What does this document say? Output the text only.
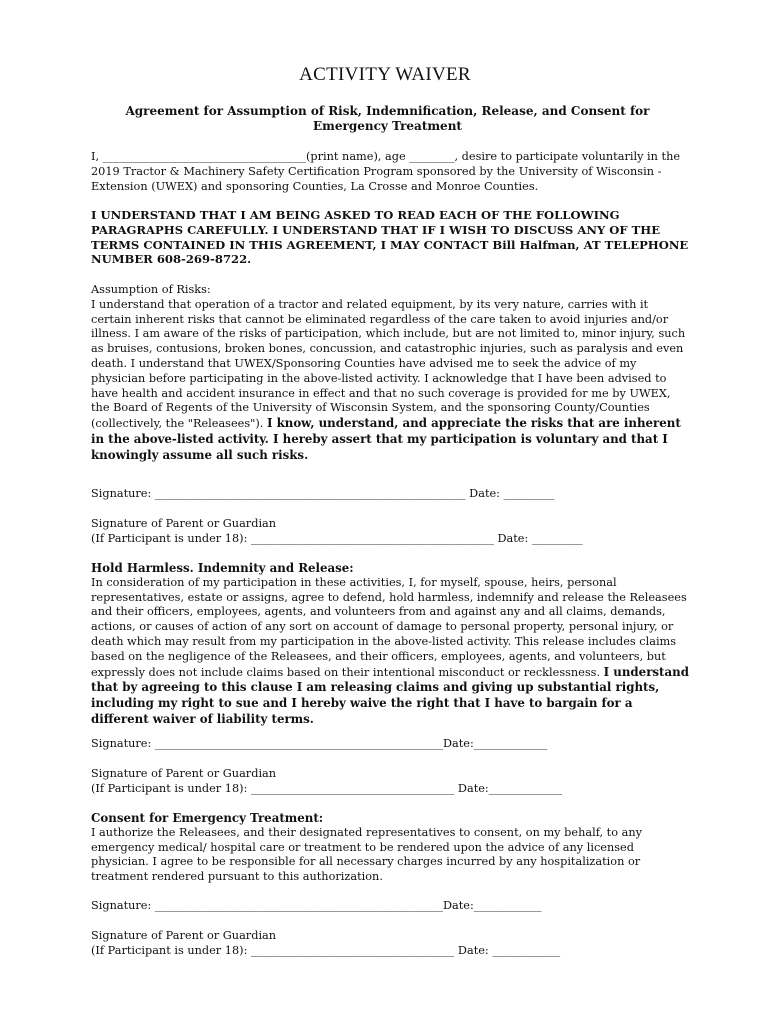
ACTIVITY WAIVER
Agreement for Assumption of Risk, Indemnification, Release, and Consent for Emergency Treatment
I, ____________________________________(print name), age ________, desire to participate voluntarily in the 2019 Tractor & Machinery Safety Certification Program sponsored by the University of Wisconsin - Extension (UWEX) and sponsoring Counties, La Crosse and Monroe Counties.
I UNDERSTAND THAT I AM BEING ASKED TO READ EACH OF THE FOLLOWING PARAGRAPHS CAREFULLY. I UNDERSTAND THAT IF I WISH TO DISCUSS ANY OF THE TERMS CONTAINED IN THIS AGREEMENT, I MAY CONTACT Bill Halfman, AT TELEPHONE NUMBER 608-269-8722.
Assumption of Risks:
I understand that operation of a tractor and related equipment, by its very nature, carries with it certain inherent risks that cannot be eliminated regardless of the care taken to avoid injuries and/or illness. I am aware of the risks of participation, which include, but are not limited to, minor injury, such as bruises, contusions, broken bones, concussion, and catastrophic injuries, such as paralysis and even death. I understand that UWEX/Sponsoring Counties have advised me to seek the advice of my physician before participating in the above-listed activity. I acknowledge that I have been advised to have health and accident insurance in effect and that no such coverage is provided for me by UWEX, the Board of Regents of the University of Wisconsin System, and the sponsoring County/Counties (collectively, the "Releasees"). I know, understand, and appreciate the risks that are inherent in the above-listed activity. I hereby assert that my participation is voluntary and that I knowingly assume all such risks.
Signature: _______________________________________________________ Date: _________
Signature of Parent or Guardian
(If Participant is under 18): ___________________________________________ Date: _________
Hold Harmless. Indemnity and Release:
In consideration of my participation in these activities, I, for myself, spouse, heirs, personal representatives, estate or assigns, agree to defend, hold harmless, indemnify and release the Releasees and their officers, employees, agents, and volunteers from and against any and all claims, demands, actions, or causes of action of any sort on account of damage to personal property, personal injury, or death which may result from my participation in the above-listed activity. This release includes claims based on the negligence of the Releasees, and their officers, employees, agents, and volunteers, but expressly does not include claims based on their intentional misconduct or recklessness. I understand that by agreeing to this clause I am releasing claims and giving up substantial rights, including my right to sue and I hereby waive the right that I have to bargain for a different waiver of liability terms.
Signature: ___________________________________________________Date:_____________
Signature of Parent or Guardian
(If Participant is under 18): ____________________________________ Date:_____________
Consent for Emergency Treatment:
I authorize the Releasees, and their designated representatives to consent, on my behalf, to any emergency medical/ hospital care or treatment to be rendered upon the advice of any licensed physician. I agree to be responsible for all necessary charges incurred by any hospitalization or treatment rendered pursuant to this authorization.
Signature: ___________________________________________________Date:____________
Signature of Parent or Guardian
(If Participant is under 18): ____________________________________ Date: ____________
